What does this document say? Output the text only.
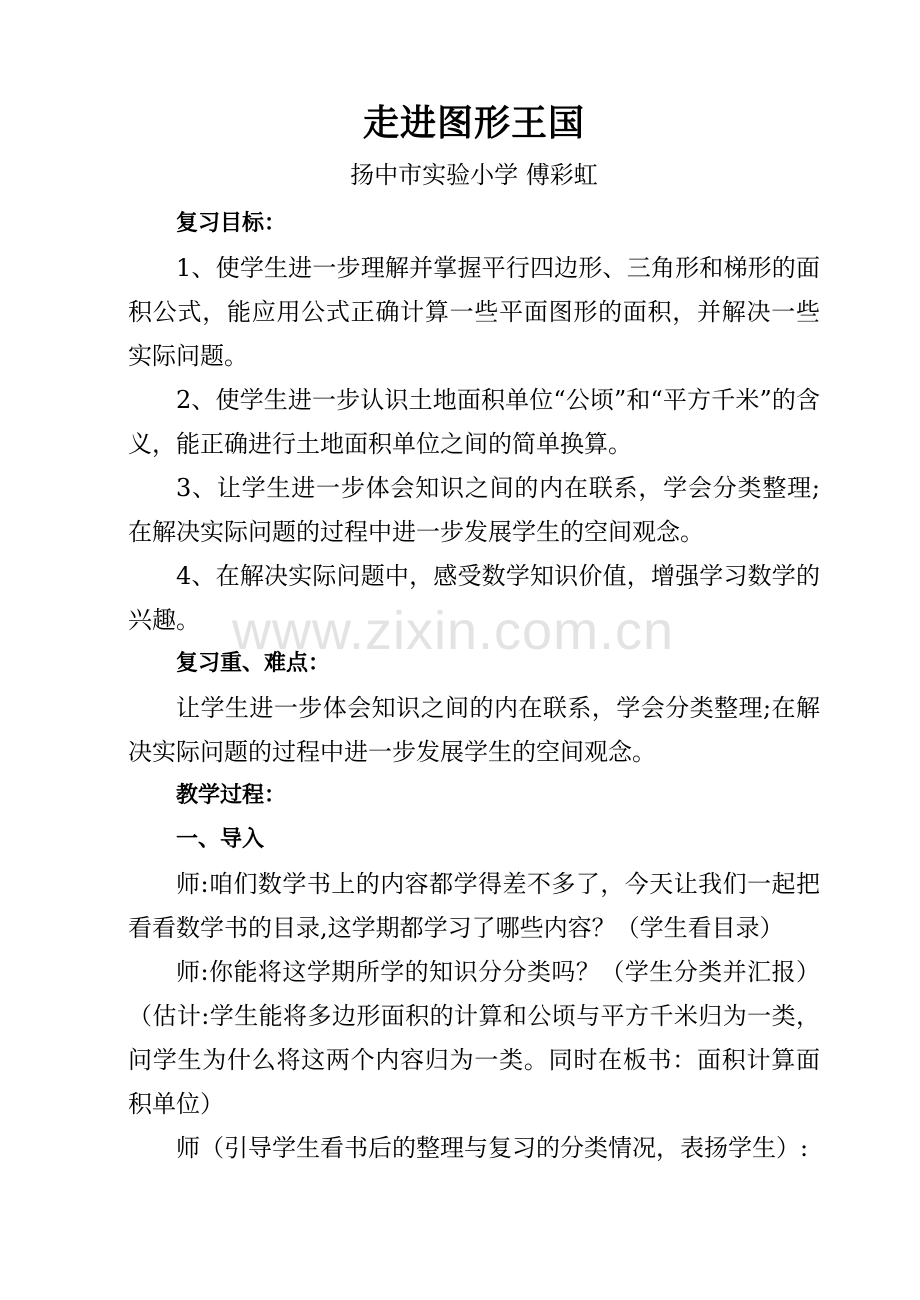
www.zixin.com.cn
走进图形王国

扬中市实验小学 傅彩虹

复习目标：

1、使学生进一步理解并掌握平行四边形、三角形和梯形的面积公式，能应用公式正确计算一些平面图形的面积，并解决一些实际问题。

2、使学生进一步认识土地面积单位“公顷”和“平方千米”的含义，能正确进行土地面积单位之间的简单换算。

3、让学生进一步体会知识之间的内在联系，学会分类整理;在解决实际问题的过程中进一步发展学生的空间观念。

4、在解决实际问题中，感受数学知识价值，增强学习数学的兴趣。

复习重、难点：

让学生进一步体会知识之间的内在联系，学会分类整理;在解决实际问题的过程中进一步发展学生的空间观念。

教学过程：

一、导入

师:咱们数学书上的内容都学得差不多了，今天让我们一起把看看数学书的目录,这学期都学习了哪些内容？（学生看目录）

师:你能将这学期所学的知识分分类吗？（学生分类并汇报）（估计:学生能将多边形面积的计算和公顷与平方千米归为一类，问学生为什么将这两个内容归为一类。同时在板书：面积计算面积单位）

师（引导学生看书后的整理与复习的分类情况，表扬学生）:
